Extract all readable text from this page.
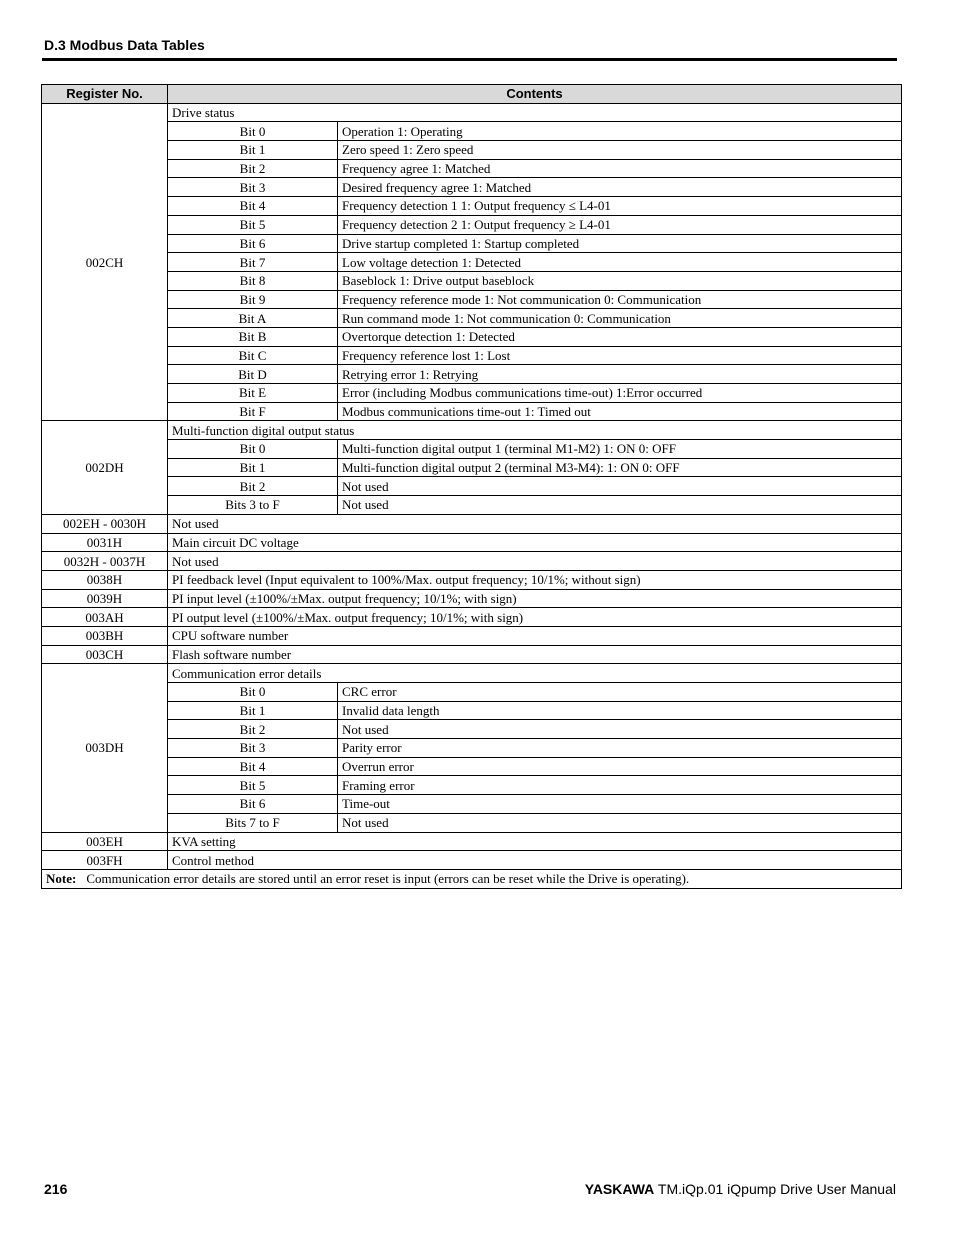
D.3 Modbus Data Tables
Register No.	Contents	
002CH	Drive status	
	Bit 0	Operation 1: Operating
	Bit 1	Zero speed 1: Zero speed
	Bit 2	Frequency agree 1: Matched
	Bit 3	Desired frequency agree 1: Matched
	Bit 4	Frequency detection 1 1: Output frequency ≤ L4-01
	Bit 5	Frequency detection 2 1: Output frequency ≥ L4-01
	Bit 6	Drive startup completed 1: Startup completed
	Bit 7	Low voltage detection 1: Detected
	Bit 8	Baseblock 1: Drive output baseblock
	Bit 9	Frequency reference mode 1: Not communication 0: Communication
	Bit A	Run command mode 1: Not communication 0: Communication
	Bit B	Overtorque detection 1: Detected
	Bit C	Frequency reference lost 1: Lost
	Bit D	Retrying error 1: Retrying
	Bit E	Error (including Modbus communications time-out) 1:Error occurred
	Bit F	Modbus communications time-out 1: Timed out
002DH	Multi-function digital output status	
	Bit 0	Multi-function digital output 1 (terminal M1-M2) 1: ON 0: OFF
	Bit 1	Multi-function digital output 2 (terminal M3-M4): 1: ON 0: OFF
	Bit 2	Not used
	Bits 3 to F	Not used
002EH - 0030H	Not used	
0031H	Main circuit DC voltage	
0032H - 0037H	Not used	
0038H	PI feedback level (Input equivalent to 100%/Max. output frequency; 10/1%; without sign)	
0039H	PI input level (±100%/±Max. output frequency; 10/1%; with sign)	
003AH	PI output level (±100%/±Max. output frequency; 10/1%; with sign)	
003BH	CPU software number	
003CH	Flash software number	
003DH	Communication error details	
	Bit 0	CRC error
	Bit 1	Invalid data length
	Bit 2	Not used
	Bit 3	Parity error
	Bit 4	Overrun error
	Bit 5	Framing error
	Bit 6	Time-out
	Bits 7 to F	Not used
003EH	KVA setting	
003FH	Control method	
Note: Communication error details are stored until an error reset is input (errors can be reset while the Drive is operating).		
216	YASKAWA TM.iQp.01 iQpump Drive User Manual
